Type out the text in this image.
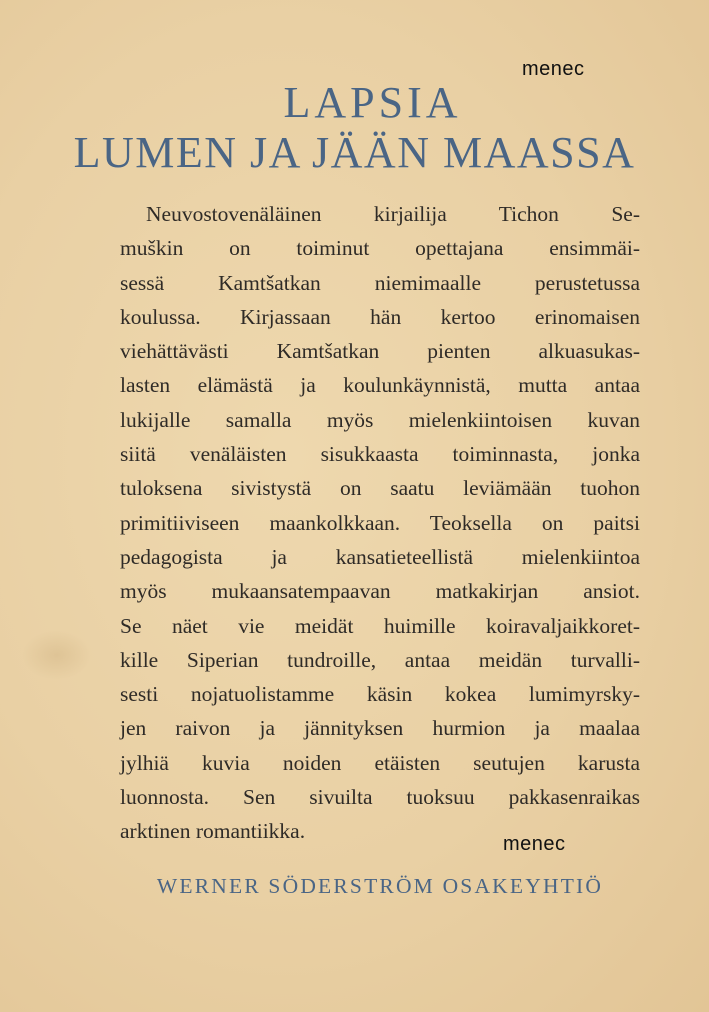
menec
LAPSIA
LUMEN JA JÄÄN MAASSA
Neuvostovenäläinen kirjailija Tichon Se-
muškin on toiminut opettajana ensimmäi-
sessä Kamtšatkan niemimaalle perustetussa
koulussa. Kirjassaan hän kertoo erinomaisen
viehättävästi Kamtšatkan pienten alkuasukas-
lasten elämästä ja koulunkäynnistä, mutta antaa
lukijalle samalla myös mielenkiintoisen kuvan
siitä venäläisten sisukkaasta toiminnasta, jonka
tuloksena sivistystä on saatu leviämään tuohon
primitiiviseen maankolkkaan. Teoksella on paitsi
pedagogista ja kansatieteellistä mielenkiintoa
myös mukaansatempaavan matkakirjan ansiot.
Se näet vie meidät huimille koiravaljaikkoret-
kille Siperian tundroille, antaa meidän turvalli-
sesti nojatuolistamme käsin kokea lumimyrsky-
jen raivon ja jännityksen hurmion ja maalaa
jylhiä kuvia noiden etäisten seutujen karusta
luonnosta. Sen sivuilta tuoksuu pakkasenraikas
arktinen romantiikka.
menec
WERNER SÖDERSTRÖM OSAKEYHTIÖ
